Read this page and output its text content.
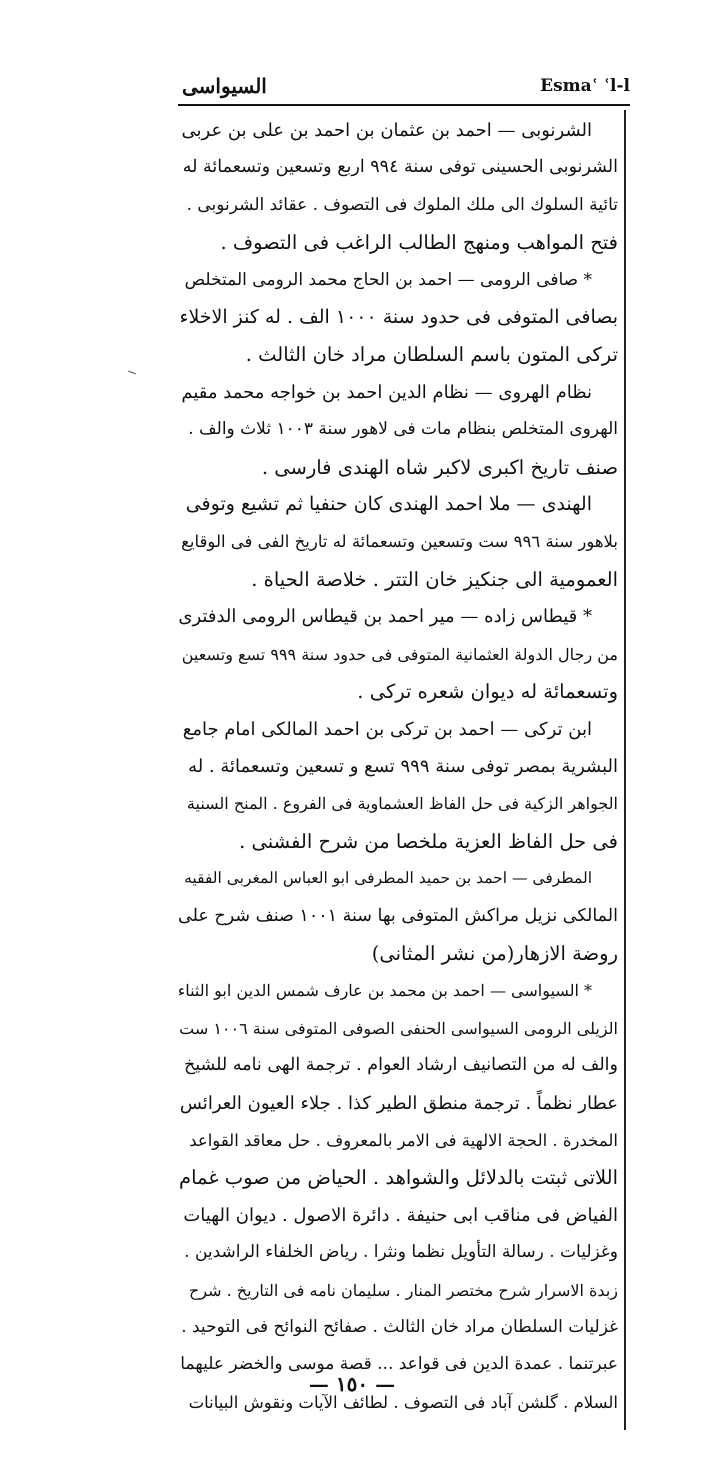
السيواسى	Esmaʿ ʿl-l
الشرنوبى — احمد بن عثمان بن احمد بن على بن عربى
الشرنوبى الحسينى توفى سنة ٩٩٤ اربع وتسعين وتسعمائة له
تائية السلوك الى ملك الملوك فى التصوف . عقائد الشرنوبى .
فتح المواهب ومنهج الطالب الراغب فى التصوف .
* صافى الرومى — احمد بن الحاج محمد الرومى المتخلص
بصافى المتوفى فى حدود سنة ١٠٠٠ الف . له كنز الاخلاء
تركى المتون باسم السلطان مراد خان الثالث .
نظام الهروى — نظام الدين احمد بن خواجه محمد مقيم
الهروى المتخلص بنظام مات فى لاهور سنة ١٠٠٣ ثلاث والف .
صنف تاريخ اكبرى لاكبر شاه الهندى فارسى .
الهندى — ملا احمد الهندى كان حنفيا ثم تشيع وتوفى
بلاهور سنة ٩٩٦ ست وتسعين وتسعمائة له تاريخ الفى فى الوقايع
العمومية الى جنكيز خان التتر . خلاصة الحياة .
* قيطاس زاده — مير احمد بن قيطاس الرومى الدفترى
من رجال الدولة العثمانية المتوفى فى حدود سنة ٩٩٩ تسع وتسعين
وتسعمائة له ديوان شعره تركى .
ابن تركى — احمد بن تركى بن احمد المالكى امام جامع
البشرية بمصر توفى سنة ٩٩٩ تسع و تسعين وتسعمائة . له
الجواهر الزكية فى حل الفاظ العشماوية فى الفروع . المنح السنية
فى حل الفاظ العزية ملخصا من شرح الفشنى .
المطرفى — احمد بن حميد المطرفى ابو العباس المغربى الفقيه
المالكى نزيل مراكش المتوفى بها سنة ١٠٠١ صنف شرح على
روضة الازهار(من نشر المثانى)
* السيواسى — احمد بن محمد بن عارف شمس الدين ابو الثناء
الزيلى الرومى السيواسى الحنفى الصوفى المتوفى سنة ١٠٠٦ ست
والف له من التصانيف ارشاد العوام . ترجمة الهى نامه للشيخ
عطار نظماً . ترجمة منطق الطير كذا . جلاء العيون العرائس
المخدرة . الحجة الالهية فى الامر بالمعروف . حل معاقد القواعد
اللاتى ثبتت بالدلائل والشواهد . الحياض من صوب غمام
الفياض فى مناقب ابى حنيفة . دائرة الاصول . ديوان الهيات
وغزليات . رسالة التأويل نظما ونثرا . رياض الخلفاء الراشدين .
زبدة الاسرار شرح مختصر المنار . سليمان نامه فى التاريخ . شرح
غزليات السلطان مراد خان الثالث . صفائح النوائح فى التوحيد .
عبرتنما . عمدة الدين فى قواعد ... قصة موسى والخضر عليهما
السلام . گلشن آباد فى التصوف . لطائف الآيات ونقوش البيانات
— ١٥٠ —
